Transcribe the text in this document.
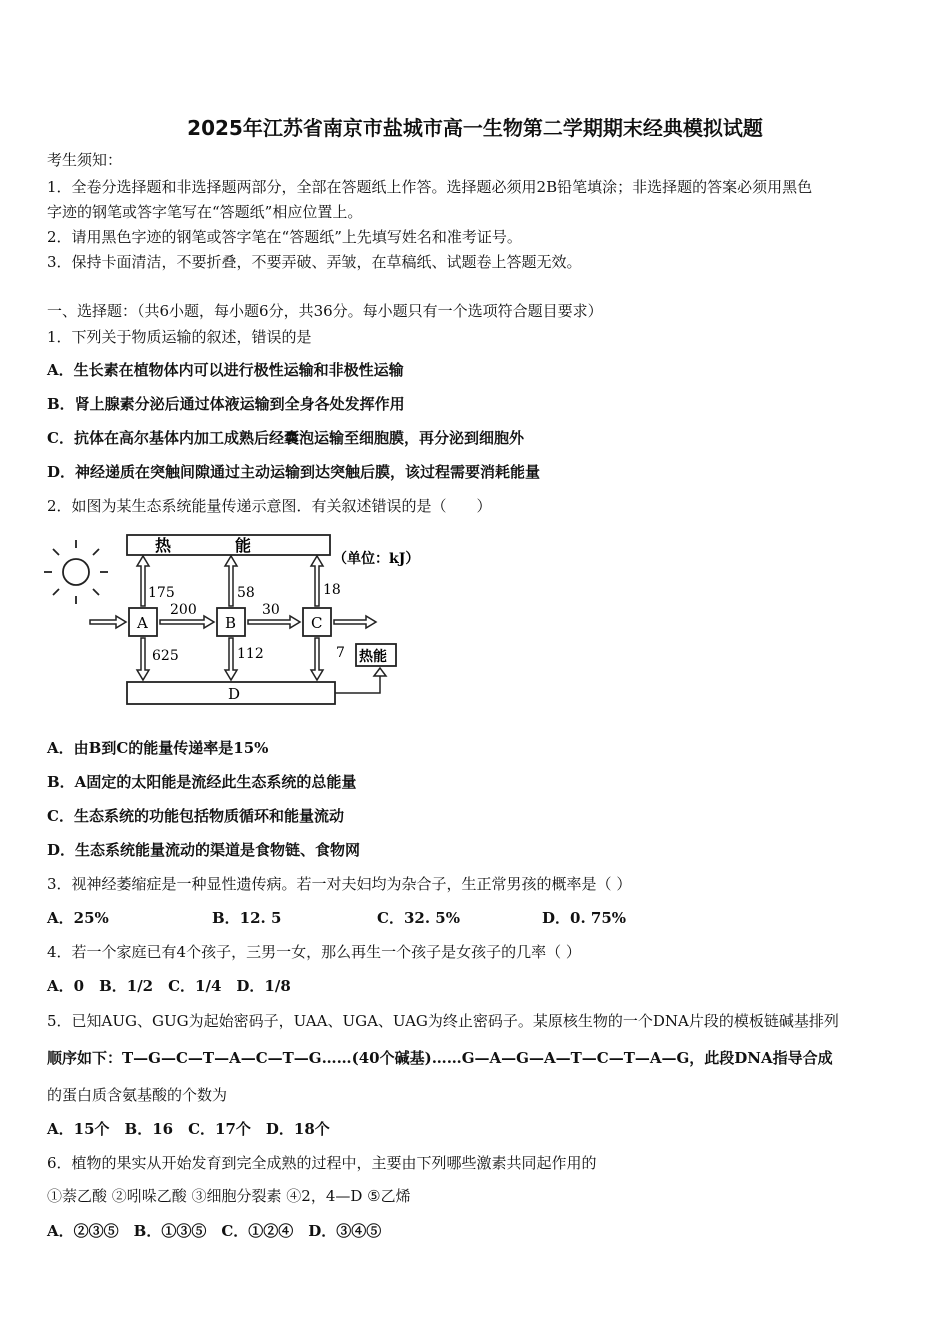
2025年江苏省南京市盐城市高一生物第二学期期末经典模拟试题
考生须知：
1．全卷分选择题和非选择题两部分，全部在答题纸上作答。选择题必须用2B铅笔填涂；非选择题的答案必须用黑色
字迹的钢笔或答字笔写在“答题纸”相应位置上。
2．请用黑色字迹的钢笔或答字笔在“答题纸”上先填写姓名和准考证号。
3．保持卡面清洁，不要折叠，不要弄破、弄皱，在草稿纸、试题卷上答题无效。
一、选择题：（共6小题，每小题6分，共36分。每小题只有一个选项符合题目要求）
1．下列关于物质运输的叙述，错误的是
A．生长素在植物体内可以进行极性运输和非极性运输
B．肾上腺素分泌后通过体液运输到全身各处发挥作用
C．抗体在高尔基体内加工成熟后经囊泡运输至细胞膜，再分泌到细胞外
D．神经递质在突触间隙通过主动运输到达突触后膜，该过程需要消耗能量
2．如图为某生态系统能量传递示意图．有关叙述错误的是（　　）
热　　　　能
（单位：kJ）
D
A	B	C
175
200
625
58
30
112
18
7 热能
A．由B到C的能量传递率是15%
B．A固定的太阳能是流经此生态系统的总能量
C．生态系统的功能包括物质循环和能量流动
D．生态系统能量流动的渠道是食物链、食物网
3．视神经萎缩症是一种显性遗传病。若一对夫妇均为杂合子，生正常男孩的概率是（ ）
A．25%	B．12. 5	C．32. 5%	D．0. 75%
4．若一个家庭已有4个孩子，三男一女，那么再生一个孩子是女孩子的几率（ ）
A．0　B．1/2　C．1/4　D．1/8
5．已知AUG、GUG为起始密码子，UAA、UGA、UAG为终止密码子。某原核生物的一个DNA片段的模板链碱基排列
顺序如下：T—G—C—T—A—C—T—G……(40个碱基)……G—A—G—A—T—C—T—A—G，此段DNA指导合成
的蛋白质含氨基酸的个数为
A．15个　B．16　C．17个　D．18个
6．植物的果实从开始发育到完全成熟的过程中，主要由下列哪些激素共同起作用的
①萘乙酸 ②吲哚乙酸 ③细胞分裂素 ④2，4—D ⑤乙烯
A．②③⑤　B．①③⑤　C．①②④　D．③④⑤
